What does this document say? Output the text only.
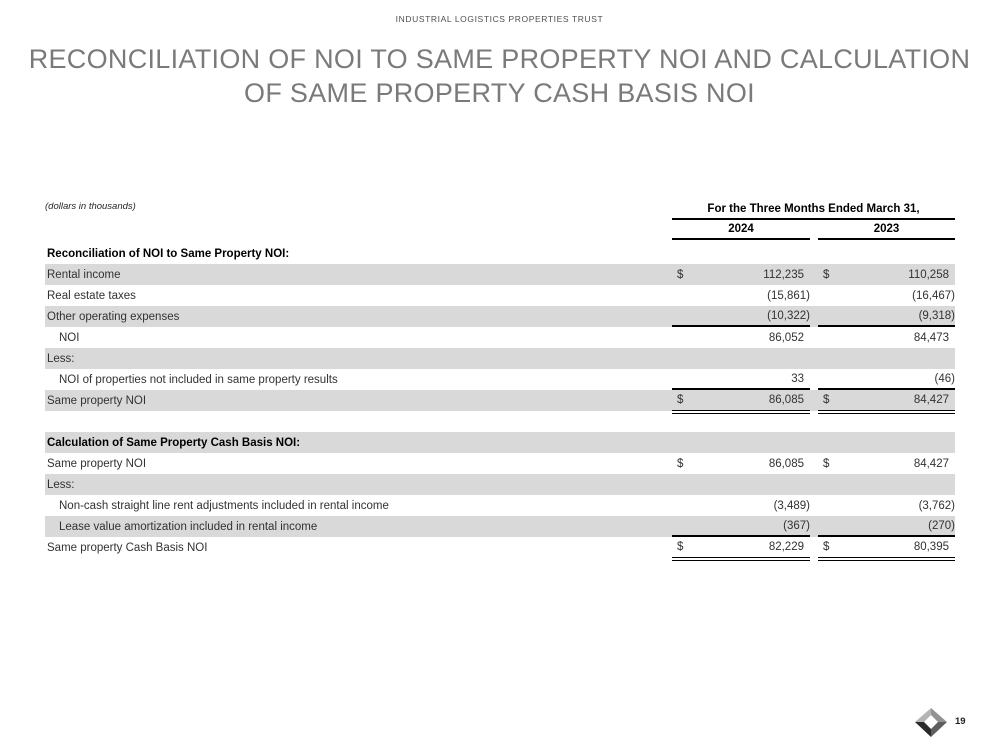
INDUSTRIAL LOGISTICS PROPERTIES TRUST
RECONCILIATION OF NOI TO SAME PROPERTY NOI AND CALCULATION
OF SAME PROPERTY CASH BASIS NOI
(dollars in thousands)	For the Three Months Ended March 31,
2024	2023
Reconciliation of NOI to Same Property NOI:
Rental income	$	112,235	$	110,258
Real estate taxes	(15,861)	(16,467)
Other operating expenses	(10,322)	(9,318)
NOI	86,052	84,473
Less:
NOI of properties not included in same property results	33	(46)
Same property NOI	$	86,085	$	84,427
Calculation of Same Property Cash Basis NOI:
Same property NOI	$	86,085	$	84,427
Less:
Non-cash straight line rent adjustments included in rental income	(3,489)	(3,762)
Lease value amortization included in rental income	(367)	(270)
Same property Cash Basis NOI	$	82,229	$	80,395
19
